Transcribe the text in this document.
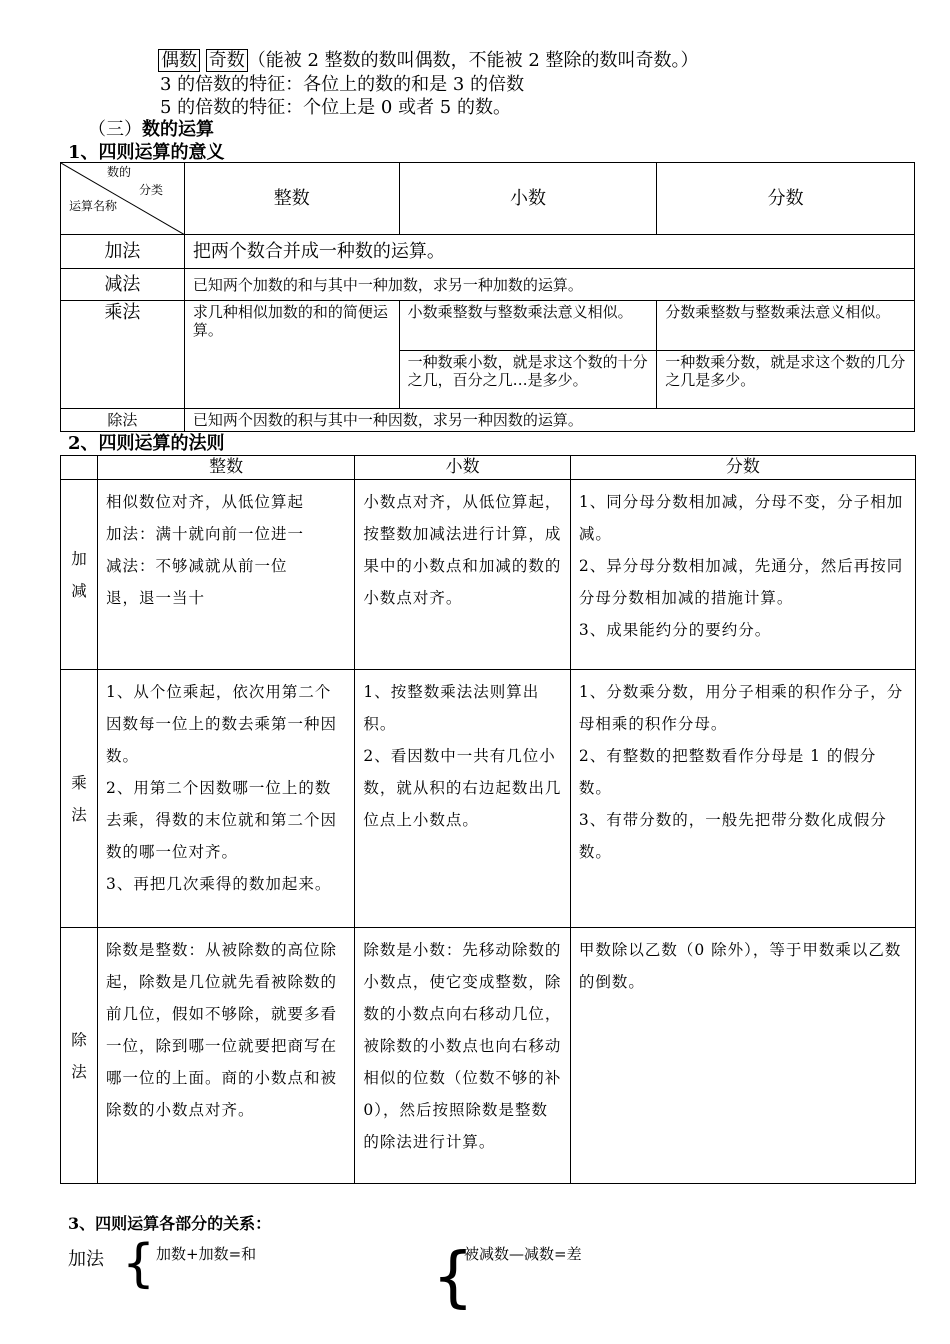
偶数 奇数 （能被 2 整数的数叫偶数，不能被 2 整除的数叫奇数。）
3 的倍数的特征：各位上的数的和是 3 的倍数
5 的倍数的特征：个位上是 0 或者 5 的数。
（三）数的运算
1、四则运算的意义
数的
分类
运算名称	整数	小数	分数
加法	把两个数合并成一种数的运算。		
减法	已知两个加数的和与其中一种加数，求另一种加数的运算。		
乘法	求几种相似加数的和的简便运算。	小数乘整数与整数乘法意义相似。	分数乘整数与整数乘法意义相似。
		一种数乘小数，就是求这个数的十分之几，百分之几…是多少。	一种数乘分数，就是求这个数的几分之几是多少。
除法	已知两个因数的积与其中一种因数，求另一种因数的运算。		
2、四则运算的法则
	整数	小数	分数
加减	相似数位对齐，从低位算起
加法：满十就向前一位进一
减法：不够减就从前一位
退，退一当十	小数点对齐，从低位算起，按整数加减法进行计算，成果中的小数点和加减的数的小数点对齐。	1、同分母分数相加减，分母不变，分子相加减。
2、异分母分数相加减，先通分，然后再按同分母分数相加减的措施计算。
3、成果能约分的要约分。
乘法	1、从个位乘起，依次用第二个因数每一位上的数去乘第一种因数。
2、用第二个因数哪一位上的数去乘，得数的末位就和第二个因数的哪一位对齐。
3、再把几次乘得的数加起来。	1、按整数乘法法则算出积。
2、看因数中一共有几位小数，就从积的右边起数出几位点上小数点。	1、分数乘分数，用分子相乘的积作分子，分母相乘的积作分母。
2、有整数的把整数看作分母是 1 的假分数。
3、有带分数的，一般先把带分数化成假分数。
除法	除数是整数：从被除数的高位除起，除数是几位就先看被除数的前几位，假如不够除，就要多看一位，除到哪一位就要把商写在哪一位的上面。商的小数点和被除数的小数点对齐。	除数是小数：先移动除数的小数点，使它变成整数，除数的小数点向右移动几位，被除数的小数点也向右移动相似的位数（位数不够的补 0），然后按照除数是整数的除法进行计算。	甲数除以乙数（0 除外），等于甲数乘以乙数的倒数。
3、四则运算各部分的关系：
加法 { 加数+加数=和	{
被减数—减数=差
